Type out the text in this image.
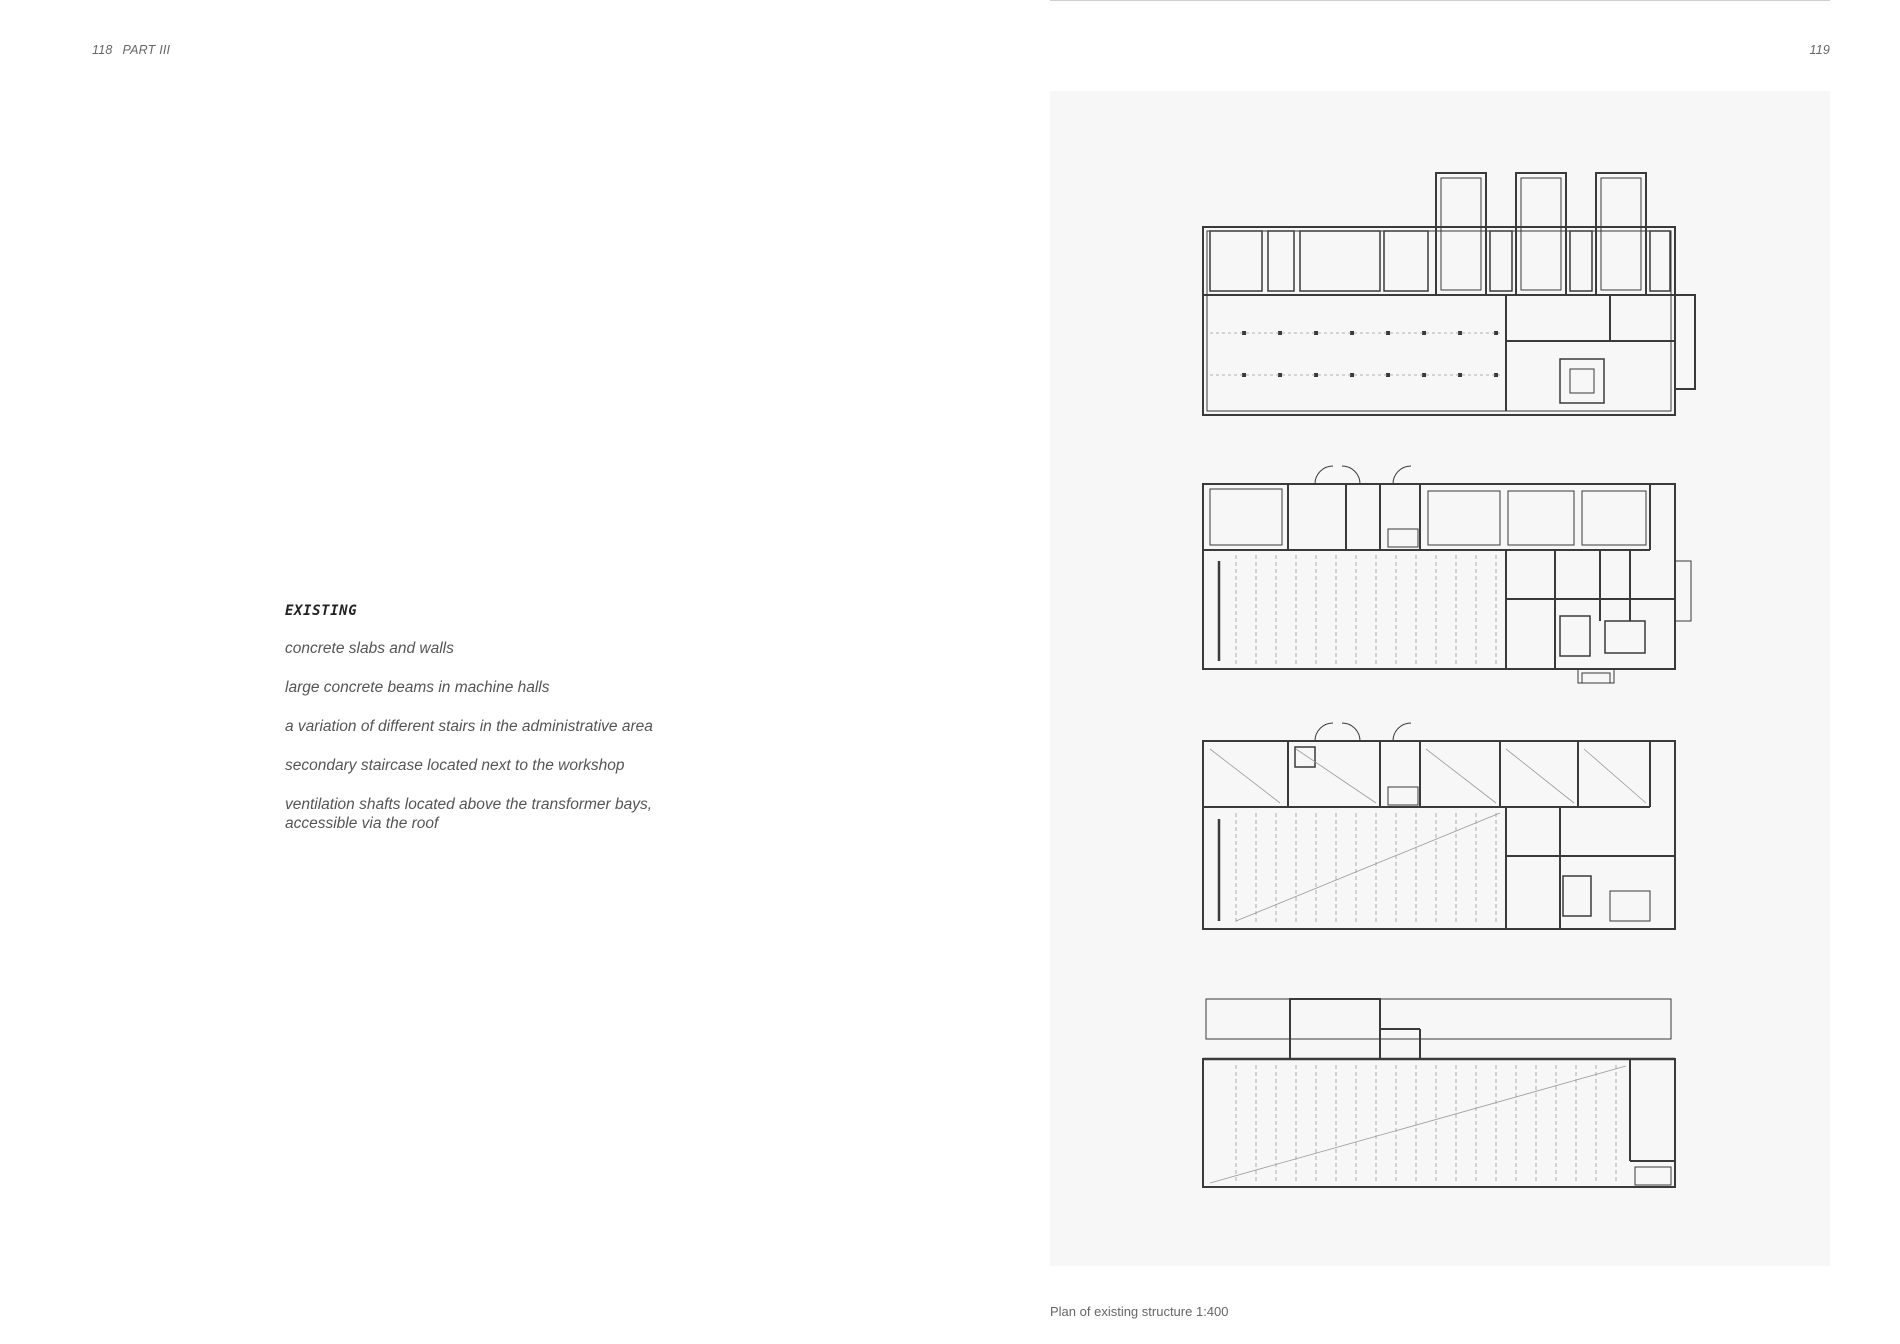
118 PART III	119
EXISTING
concrete slabs and walls
large concrete beams in machine halls
a variation of different stairs in the administrative area
secondary staircase located next to the workshop
ventilation shafts located above the transformer bays,
accessible via the roof
Plan of existing structure 1:400
